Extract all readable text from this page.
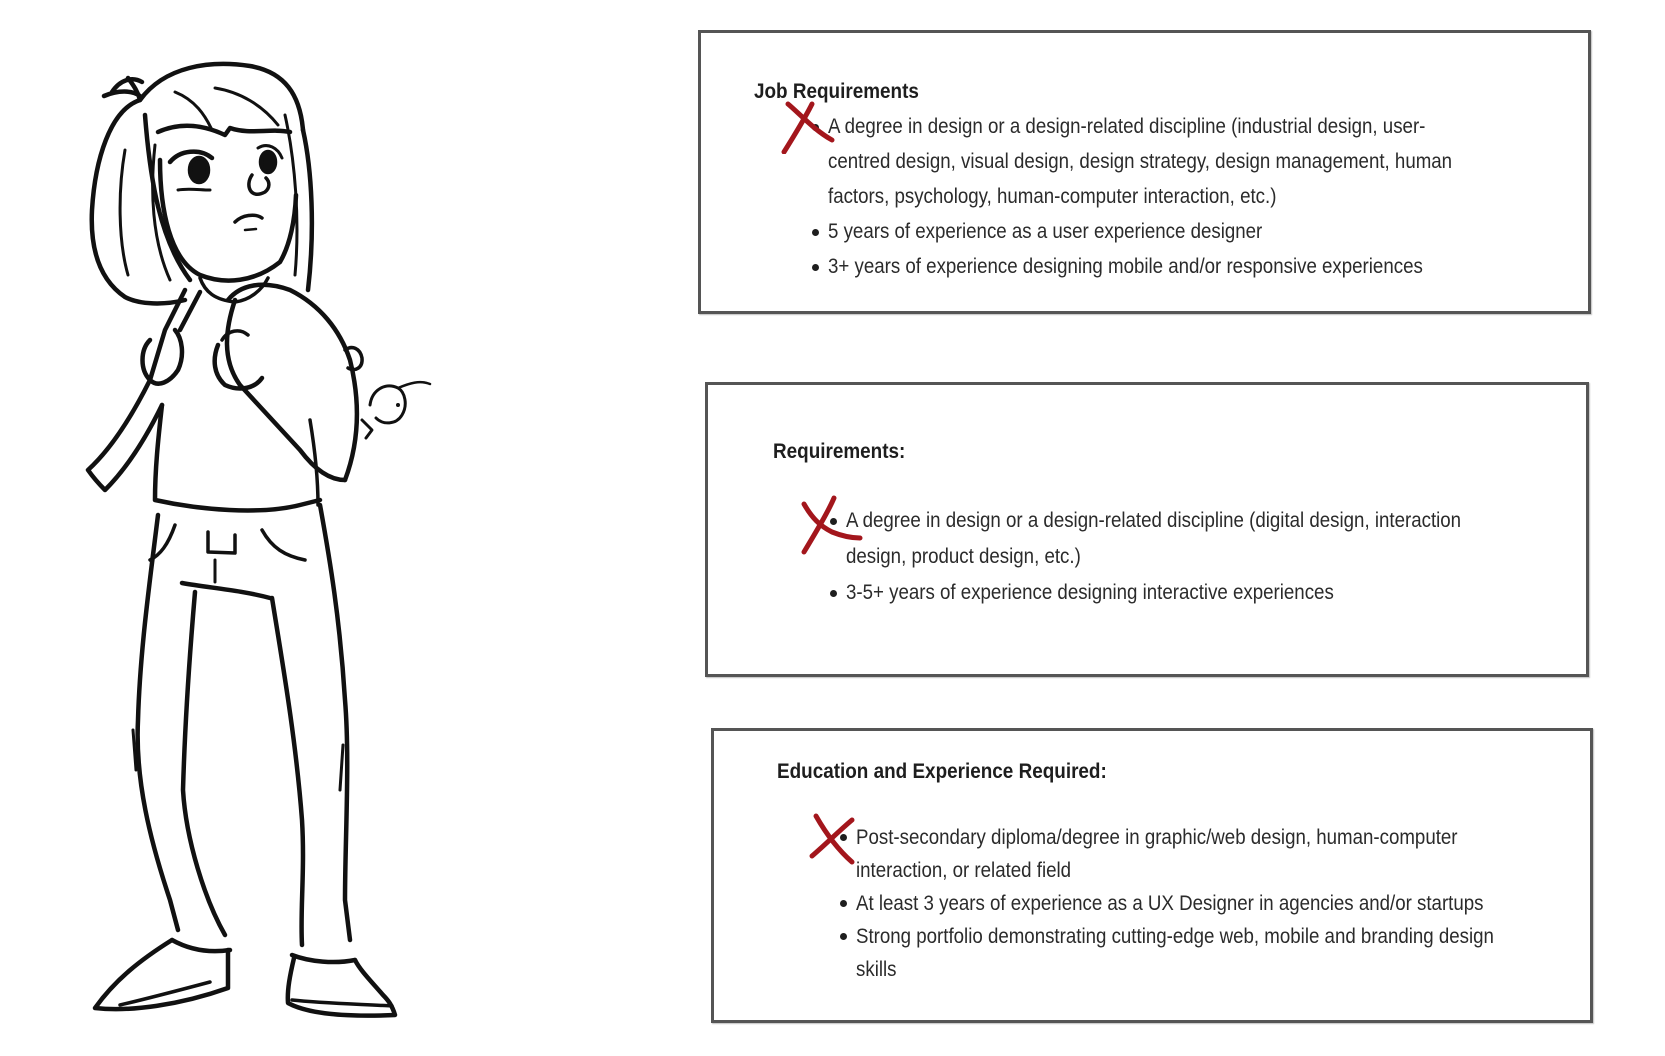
Job Requirements
A degree in design or a design-related discipline (industrial design, user-
centred design, visual design, design strategy, design management, human
factors, psychology, human-computer interaction, etc.)
5 years of experience as a user experience designer
3+ years of experience designing mobile and/or responsive experiences
Requirements:
A degree in design or a design-related discipline (digital design, interaction
design, product design, etc.)
3-5+ years of experience designing interactive experiences
Education and Experience Required:
Post-secondary diploma/degree in graphic/web design, human-computer
interaction, or related field
At least 3 years of experience as a UX Designer in agencies and/or startups
Strong portfolio demonstrating cutting-edge web, mobile and branding design
skills
